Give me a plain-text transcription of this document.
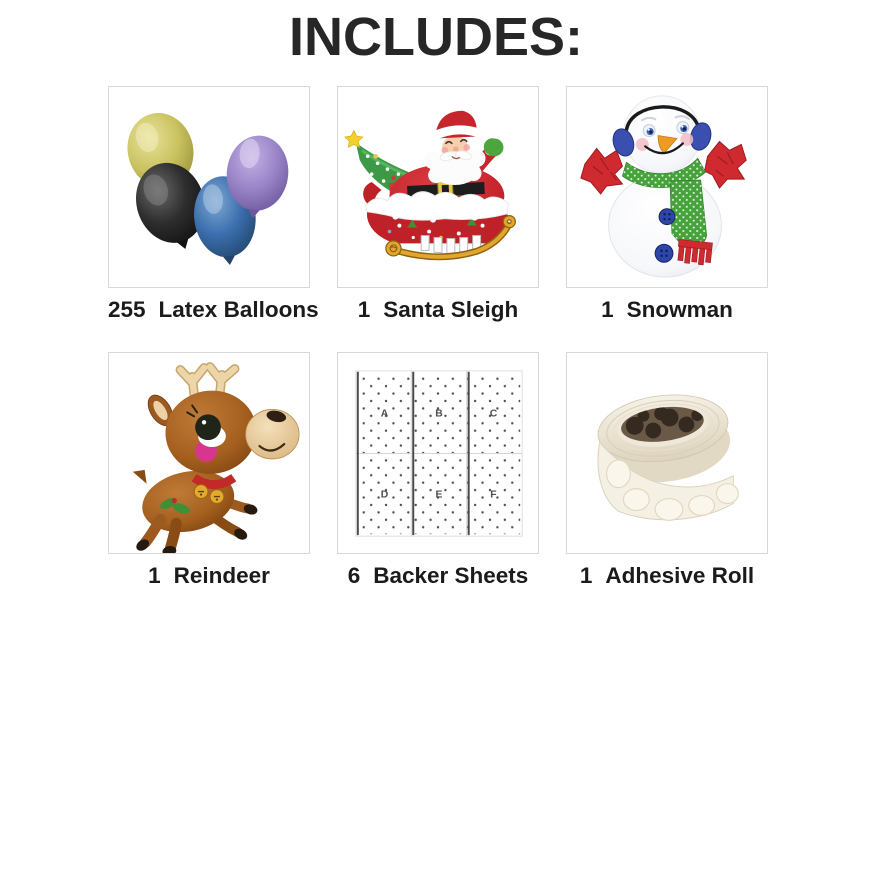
INCLUDES:
255 Latex Balloons	1 Santa Sleigh	1 Snowman
1 Reindeer
A	B	C
D	E	F
6 Backer Sheets	1 Adhesive Roll
